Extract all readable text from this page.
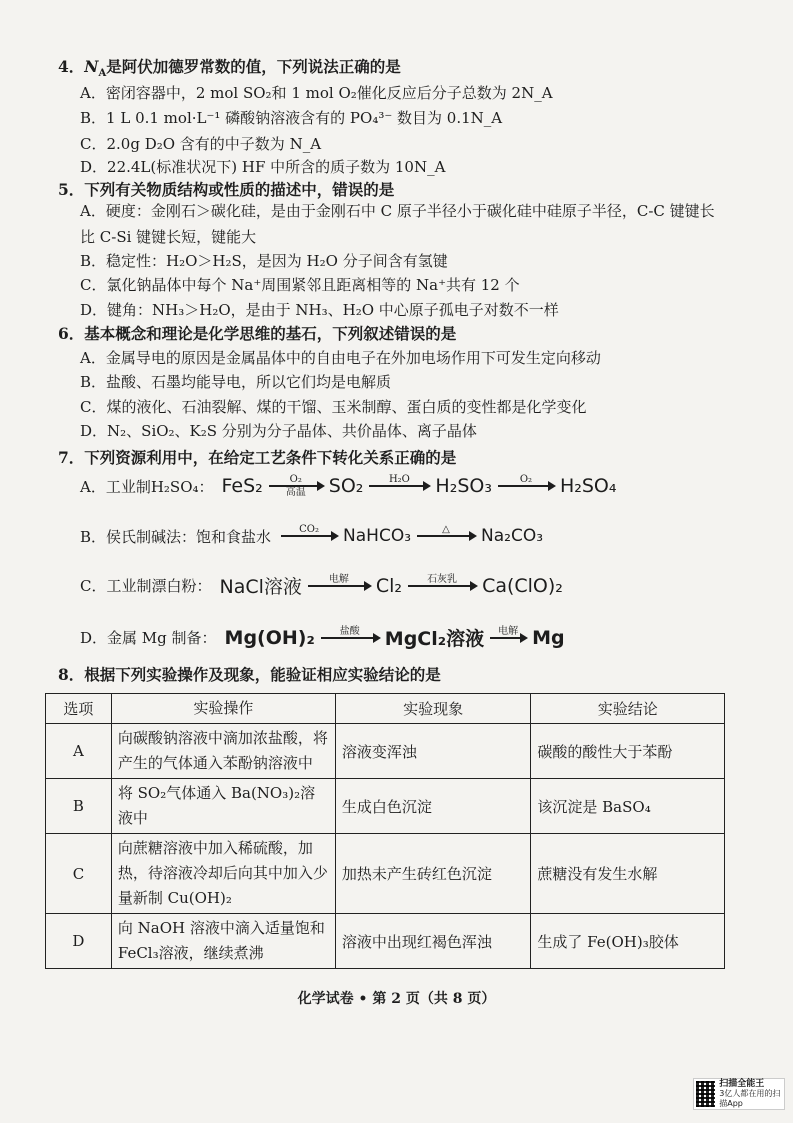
4．$N_A$是阿伏加德罗常数的值，下列说法正确的是
A．密闭容器中，2 mol SO₂和 1 mol O₂催化反应后分子总数为 2N_A
B．1 L 0.1 mol·L⁻¹ 磷酸钠溶液含有的 PO₄³⁻ 数目为 0.1N_A
C．2.0g D₂O 含有的中子数为 N_A
D．22.4L(标准状况下) HF 中所含的质子数为 10N_A
5．下列有关物质结构或性质的描述中，错误的是
A．硬度：金刚石＞碳化硅，是由于金刚石中 C 原子半径小于碳化硅中硅原子半径，C-C 键键长比 C-Si 键键长短，键能大
B．稳定性：H₂O＞H₂S，是因为 H₂O 分子间含有氢键
C．氯化钠晶体中每个 Na⁺周围紧邻且距离相等的 Na⁺共有 12 个
D．键角：NH₃＞H₂O，是由于 NH₃、H₂O 中心原子孤电子对数不一样
6．基本概念和理论是化学思维的基石，下列叙述错误的是
A．金属导电的原因是金属晶体中的自由电子在外加电场作用下可发生定向移动
B．盐酸、石墨均能导电，所以它们均是电解质
C．煤的液化、石油裂解、煤的干馏、玉米制醇、蛋白质的变性都是化学变化
D．N₂、SiO₂、K₂S 分别为分子晶体、共价晶体、离子晶体
7．下列资源利用中，在给定工艺条件下转化关系正确的是
A．工业制H₂SO₄： FeS₂	O₂
高温 SO₂	H₂O H₂SO₃	O₂ H₂SO₄
B．侯氏制碱法：饱和食盐水	CO₂ NaHCO₃	△ Na₂CO₃
C．工业制漂白粉： NaCl溶液	电解 Cl₂	石灰乳 Ca(ClO)₂
D．金属 Mg 制备： Mg(OH)₂	盐酸 MgCl₂溶液 电解 Mg
8．根据下列实验操作及现象，能验证相应实验结论的是
选项	实验操作	实验现象	实验结论
A	向碳酸钠溶液中滴加浓盐酸，将产生的气体通入苯酚钠溶液中	溶液变浑浊	碳酸的酸性大于苯酚
B	将 SO₂气体通入 Ba(NO₃)₂溶液中	生成白色沉淀	该沉淀是 BaSO₄
C	向蔗糖溶液中加入稀硫酸，加热，待溶液冷却后向其中加入少量新制 Cu(OH)₂	加热未产生砖红色沉淀	蔗糖没有发生水解
D	向 NaOH 溶液中滴入适量饱和 FeCl₃溶液，继续煮沸	溶液中出现红褐色浑浊	生成了 Fe(OH)₃胶体
化学试卷 • 第 2 页（共 8 页）
扫描全能王
3亿人都在用的扫描App
